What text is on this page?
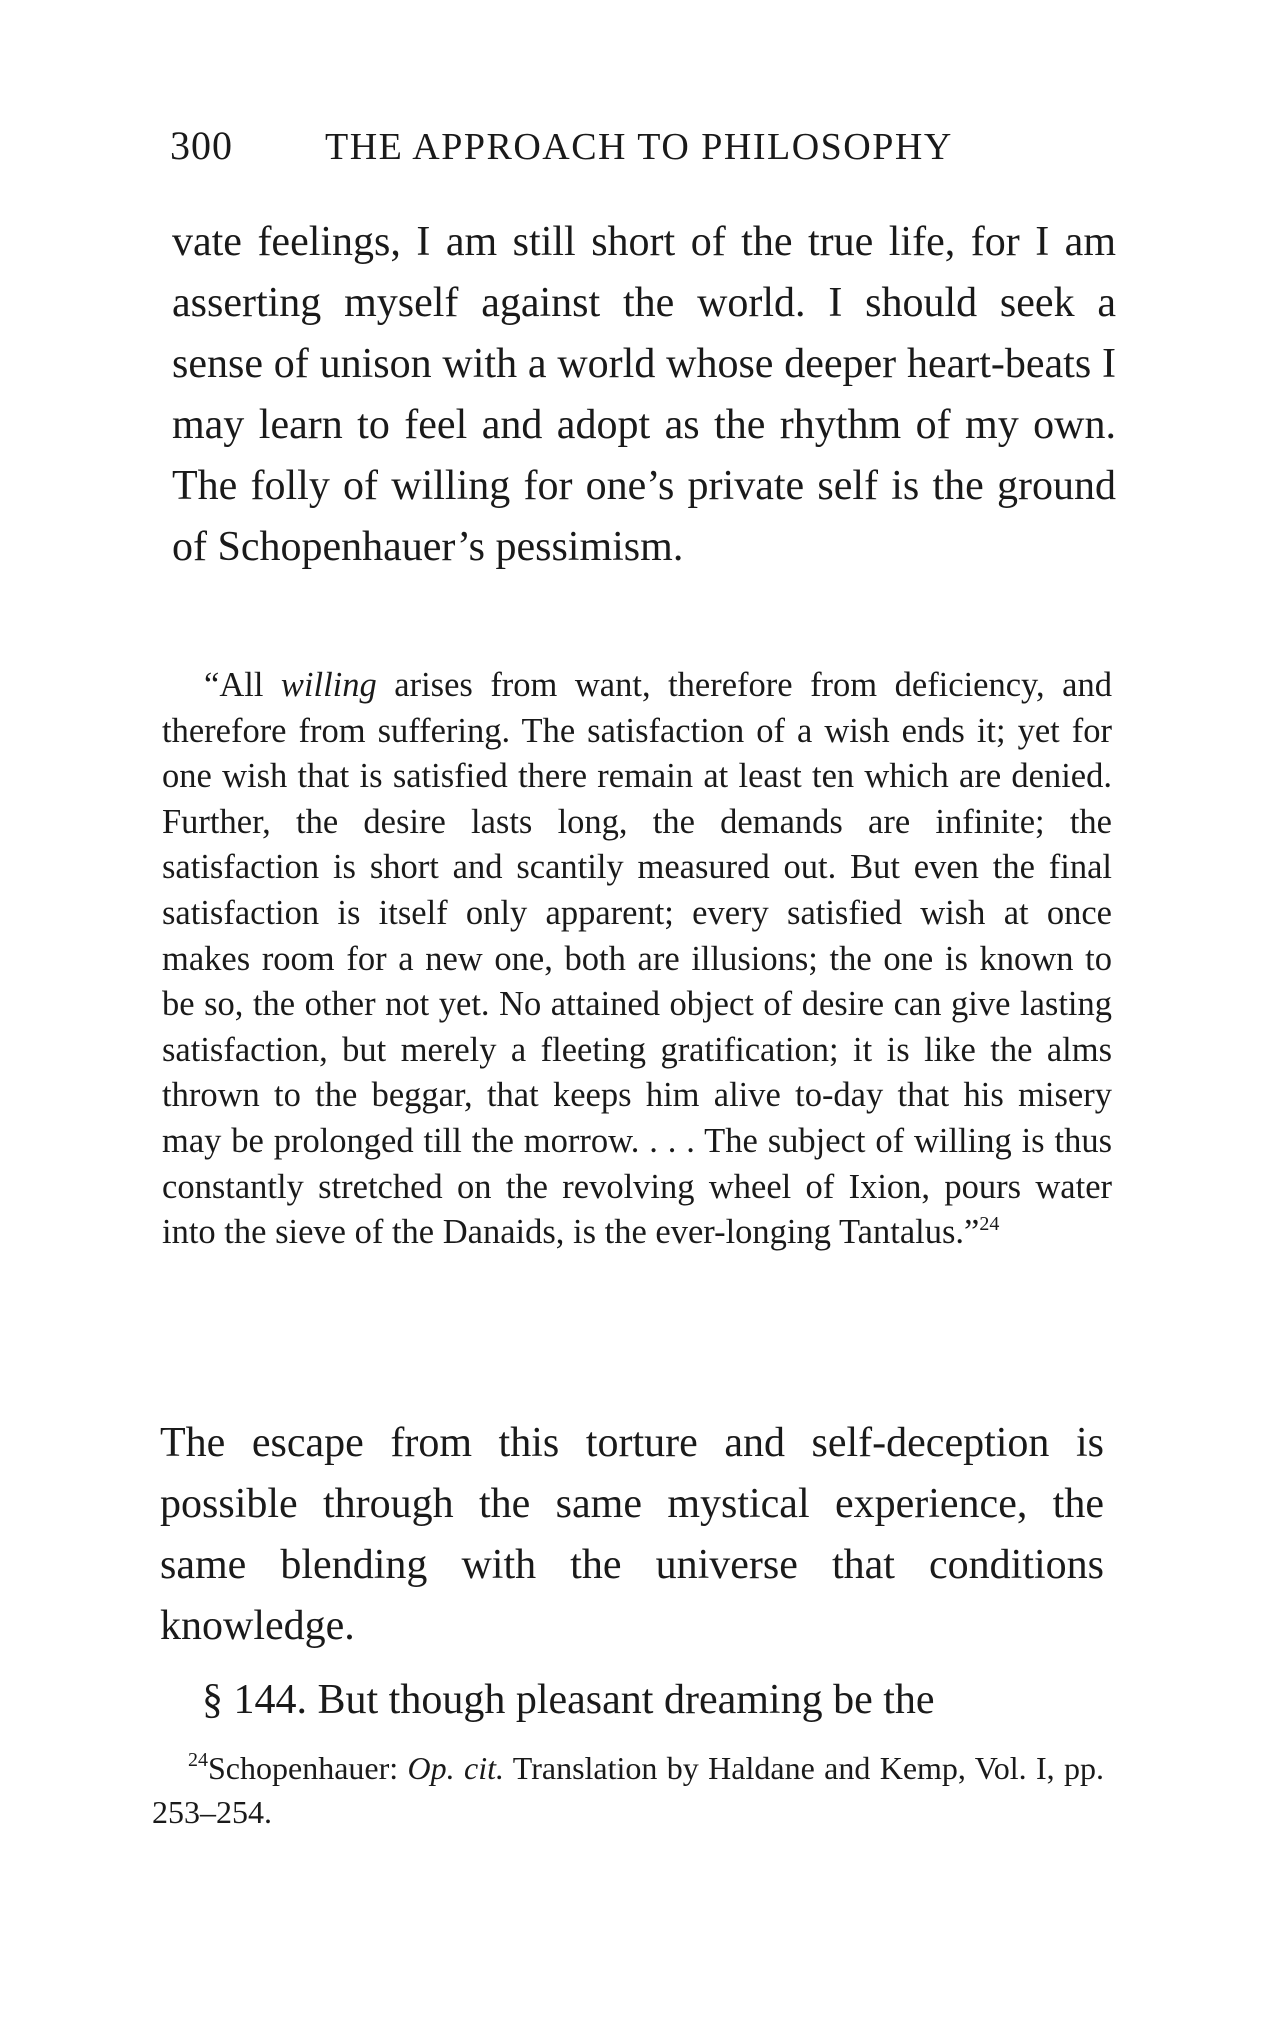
300 THE APPROACH TO PHILOSOPHY

vate feelings, I am still short of the true life, for I am asserting myself against the world. I should seek a sense of unison with a world whose deeper heart-beats I may learn to feel and adopt as the rhythm of my own. The folly of willing for one’s private self is the ground of Schopenhauer’s pessimism.

“All willing arises from want, therefore from deficiency, and therefore from suffering. The satisfaction of a wish ends it; yet for one wish that is satisfied there remain at least ten which are denied. Further, the desire lasts long, the demands are infinite; the satisfaction is short and scantily measured out. But even the final satisfaction is itself only apparent; every satisfied wish at once makes room for a new one, both are illusions; the one is known to be so, the other not yet. No attained object of desire can give lasting satisfaction, but merely a fleeting gratification; it is like the alms thrown to the beggar, that keeps him alive to-day that his misery may be prolonged till the morrow. . . . The subject of willing is thus constantly stretched on the revolving wheel of Ixion, pours water into the sieve of the Danaids, is the ever-longing Tantalus.”$^{24}$

The escape from this torture and self-deception is possible through the same mystical experience, the same blending with the universe that conditions knowledge.

§ 144. But though pleasant dreaming be the

$^{24}$Schopenhauer: Op. cit. Translation by Haldane and Kemp, Vol. I, pp. 253–254.
